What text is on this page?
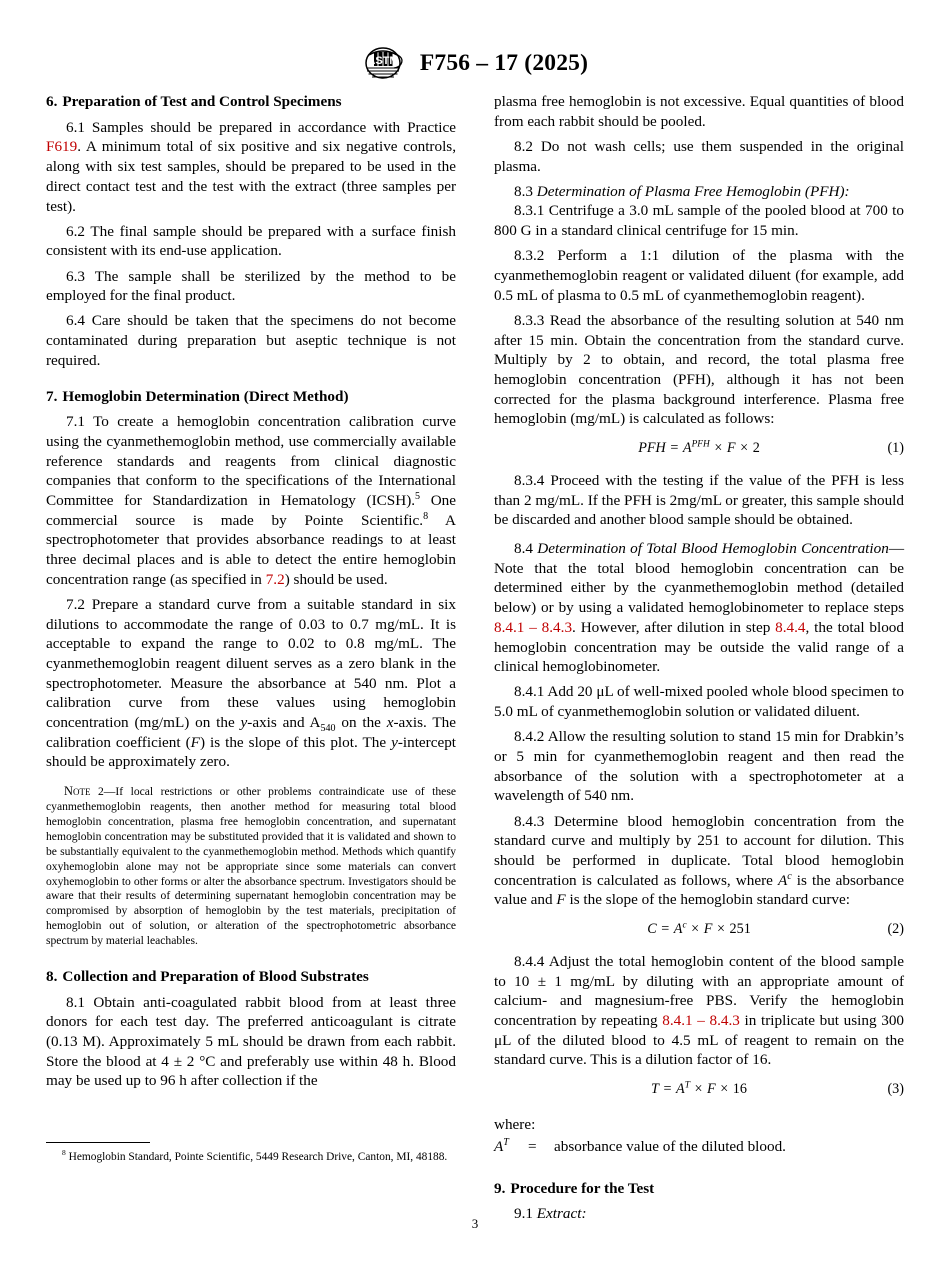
ASTM F756 – 17 (2025)
6. Preparation of Test and Control Specimens

6.1 Samples should be prepared in accordance with Practice F619. A minimum total of six positive and six negative controls, along with six test samples, should be prepared to be used in the direct contact test and the test with the extract (three samples per test).

6.2 The final sample should be prepared with a surface finish consistent with its end-use application.

6.3 The sample shall be sterilized by the method to be employed for the final product.

6.4 Care should be taken that the specimens do not become contaminated during preparation but aseptic technique is not required.

7. Hemoglobin Determination (Direct Method)

7.1 To create a hemoglobin concentration calibration curve using the cyanmethemoglobin method, use commercially available reference standards and reagents from clinical diagnostic companies that conform to the specifications of the International Committee for Standardization in Hematology (ICSH).$^5$ One commercial source is made by Pointe Scientific.$^8$ A spectrophotometer that provides absorbance readings to at least three decimal places and is able to detect the entire hemoglobin concentration range (as specified in 7.2) should be used.

7.2 Prepare a standard curve from a suitable standard in six dilutions to accommodate the range of 0.03 to 0.7 mg/mL. It is acceptable to expand the range to 0.02 to 0.8 mg/mL. The cyanmethemoglobin reagent diluent serves as a zero blank in the spectrophotometer. Measure the absorbance at 540 nm. Plot a calibration curve from these values using hemoglobin concentration (mg/mL) on the y-axis and $A_{540}$ on the x-axis. The calibration coefficient (F) is the slope of this plot. The y-intercept should be approximately zero.

Note 2—If local restrictions or other problems contraindicate use of these cyanmethemoglobin reagents, then another method for measuring total blood hemoglobin concentration, plasma free hemoglobin concentration, and supernatant hemoglobin concentration may be substituted provided that it is validated and shown to be substantially equivalent to the cyanmethemoglobin method. Methods which quantify oxyhemoglobin alone may not be appropriate since some materials can convert oxyhemoglobin to other forms or alter the absorbance spectrum. Investigators should be aware that their results of determining supernatant hemoglobin concentration may be compromised by absorption of hemoglobin by the test materials, precipitation of hemoglobin out of solution, or alteration of the spectrophotometric absorbance spectrum by material leachables.

8. Collection and Preparation of Blood Substrates

8.1 Obtain anti-coagulated rabbit blood from at least three donors for each test day. The preferred anticoagulant is citrate (0.13 M). Approximately 5 mL should be drawn from each rabbit. Store the blood at 4 ± 2 °C and preferably use within 48 h. Blood may be used up to 96 h after collection if the

plasma free hemoglobin is not excessive. Equal quantities of blood from each rabbit should be pooled.

8.2 Do not wash cells; use them suspended in the original plasma.

8.3 Determination of Plasma Free Hemoglobin (PFH):

8.3.1 Centrifuge a 3.0 mL sample of the pooled blood at 700 to 800 G in a standard clinical centrifuge for 15 min.

8.3.2 Perform a 1:1 dilution of the plasma with the cyanmethemoglobin reagent or validated diluent (for example, add 0.5 mL of plasma to 0.5 mL of cyanmethemoglobin reagent).

8.3.3 Read the absorbance of the resulting solution at 540 nm after 15 min. Obtain the concentration from the standard curve. Multiply by 2 to obtain, and record, the total plasma free hemoglobin concentration (PFH), although it has not been corrected for the plasma background interference. Plasma free hemoglobin (mg/mL) is calculated as follows:

PFH = $A^{PFH} \times F \times 2$	(1)

8.3.4 Proceed with the testing if the value of the PFH is less than 2 mg/mL. If the PFH is 2mg/mL or greater, this sample should be discarded and another blood sample should be obtained.

8.4 Determination of Total Blood Hemoglobin Concentration—Note that the total blood hemoglobin concentration can be determined either by the cyanmethemoglobin method (detailed below) or by using a validated hemoglobinometer to replace steps 8.4.1 – 8.4.3. However, after dilution in step 8.4.4, the total blood hemoglobin concentration may be outside the valid range of a clinical hemoglobinometer.

8.4.1 Add 20 μL of well-mixed pooled whole blood specimen to 5.0 mL of cyanmethemoglobin solution or validated diluent.

8.4.2 Allow the resulting solution to stand 15 min for Drabkin’s or 5 min for cyanmethemoglobin reagent and then read the absorbance of the solution with a spectrophotometer at a wavelength of 540 nm.

8.4.3 Determine blood hemoglobin concentration from the standard curve and multiply by 251 to account for dilution. This should be performed in duplicate. Total blood hemoglobin concentration is calculated as follows, where $A^c$ is the absorbance value and F is the slope of the hemoglobin standard curve:

$C = A^c \times F \times 251$	(2)

8.4.4 Adjust the total hemoglobin content of the blood sample to 10 ± 1 mg/mL by diluting with an appropriate amount of calcium- and magnesium-free PBS. Verify the hemoglobin concentration by repeating 8.4.1 – 8.4.3 in triplicate but using 300 μL of the diluted blood to 4.5 mL of reagent to remain on the standard curve. This is a dilution factor of 16.

$T = A^T \times F \times 16$	(3)

where:

$A^T$	=	absorbance value of the diluted blood.
9. Procedure for the Test

9.1 Extract:

$^8$ Hemoglobin Standard, Pointe Scientific, 5449 Research Drive, Canton, MI, 48188.

3
